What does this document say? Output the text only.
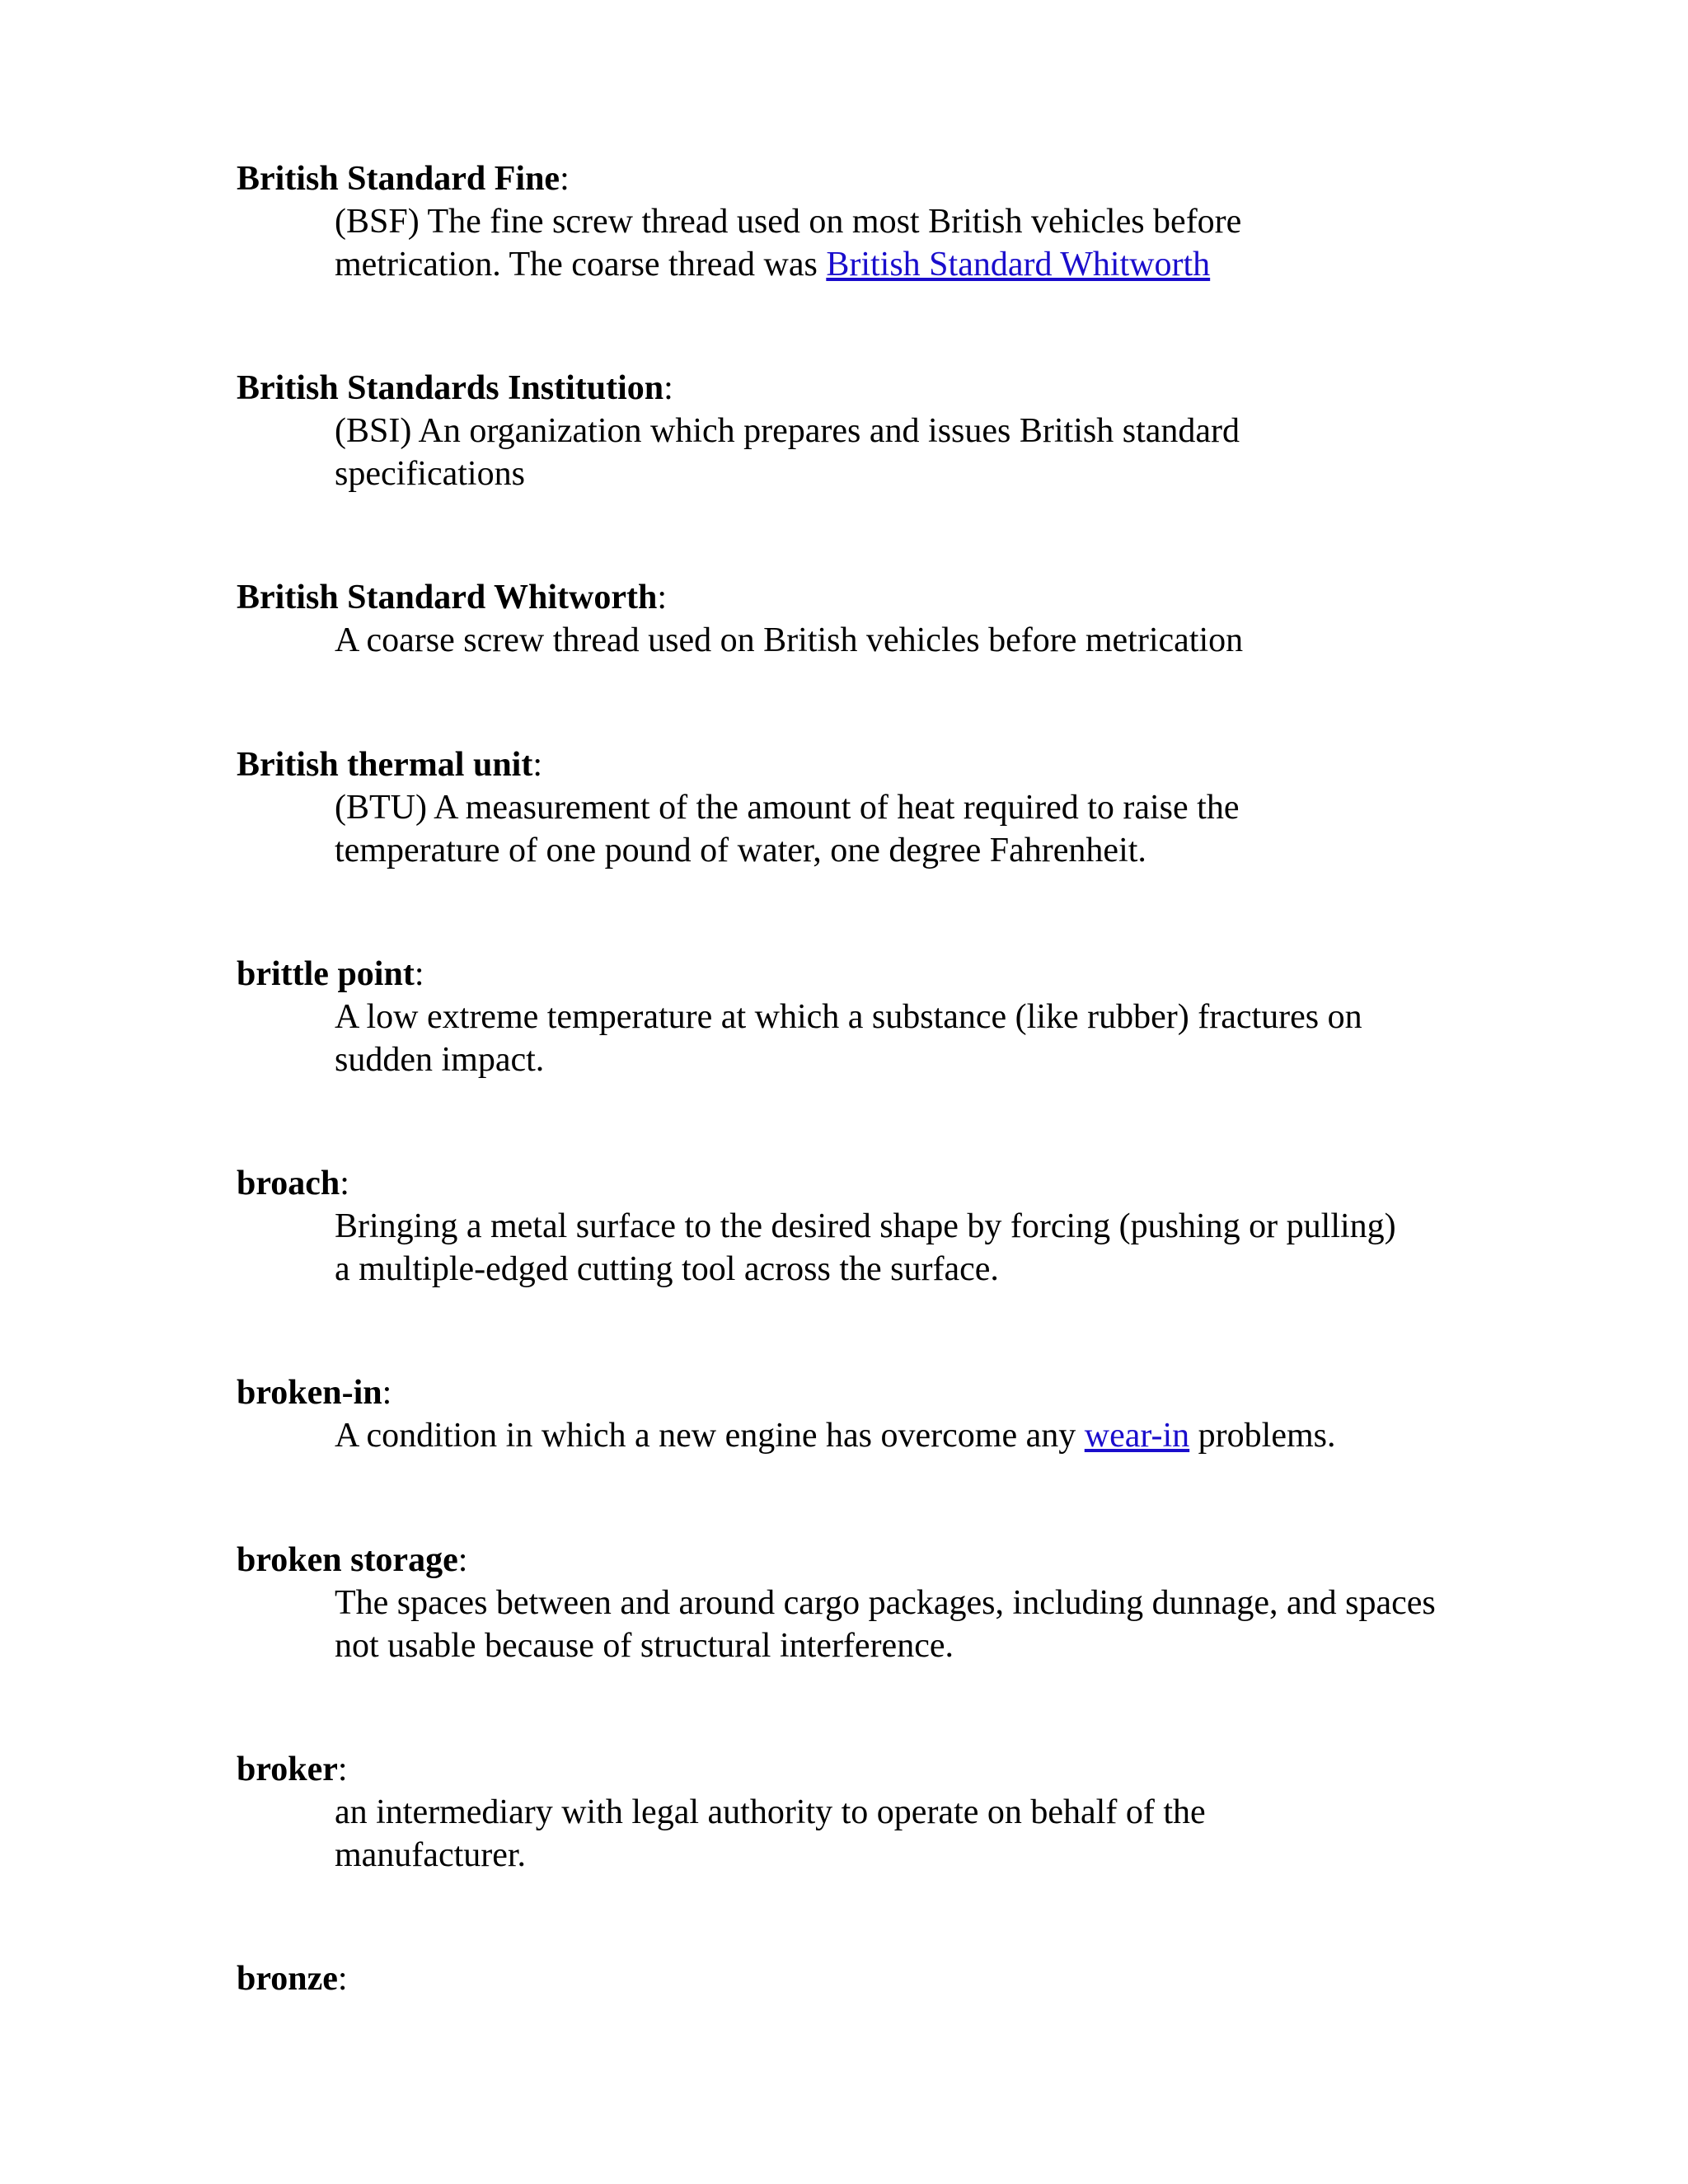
British Standard Fine:
(BSF) The fine screw thread used on most British vehicles before metrication. The coarse thread was British Standard Whitworth
British Standards Institution:
(BSI) An organization which prepares and issues British standard specifications
British Standard Whitworth:
A coarse screw thread used on British vehicles before metrication
British thermal unit:
(BTU) A measurement of the amount of heat required to raise the temperature of one pound of water, one degree Fahrenheit.
brittle point:
A low extreme temperature at which a substance (like rubber) fractures on sudden impact.
broach:
Bringing a metal surface to the desired shape by forcing (pushing or pulling) a multiple-edged cutting tool across the surface.
broken-in:
A condition in which a new engine has overcome any wear-in problems.
broken storage:
The spaces between and around cargo packages, including dunnage, and spaces not usable because of structural interference.
broker:
an intermediary with legal authority to operate on behalf of the manufacturer.
bronze:
